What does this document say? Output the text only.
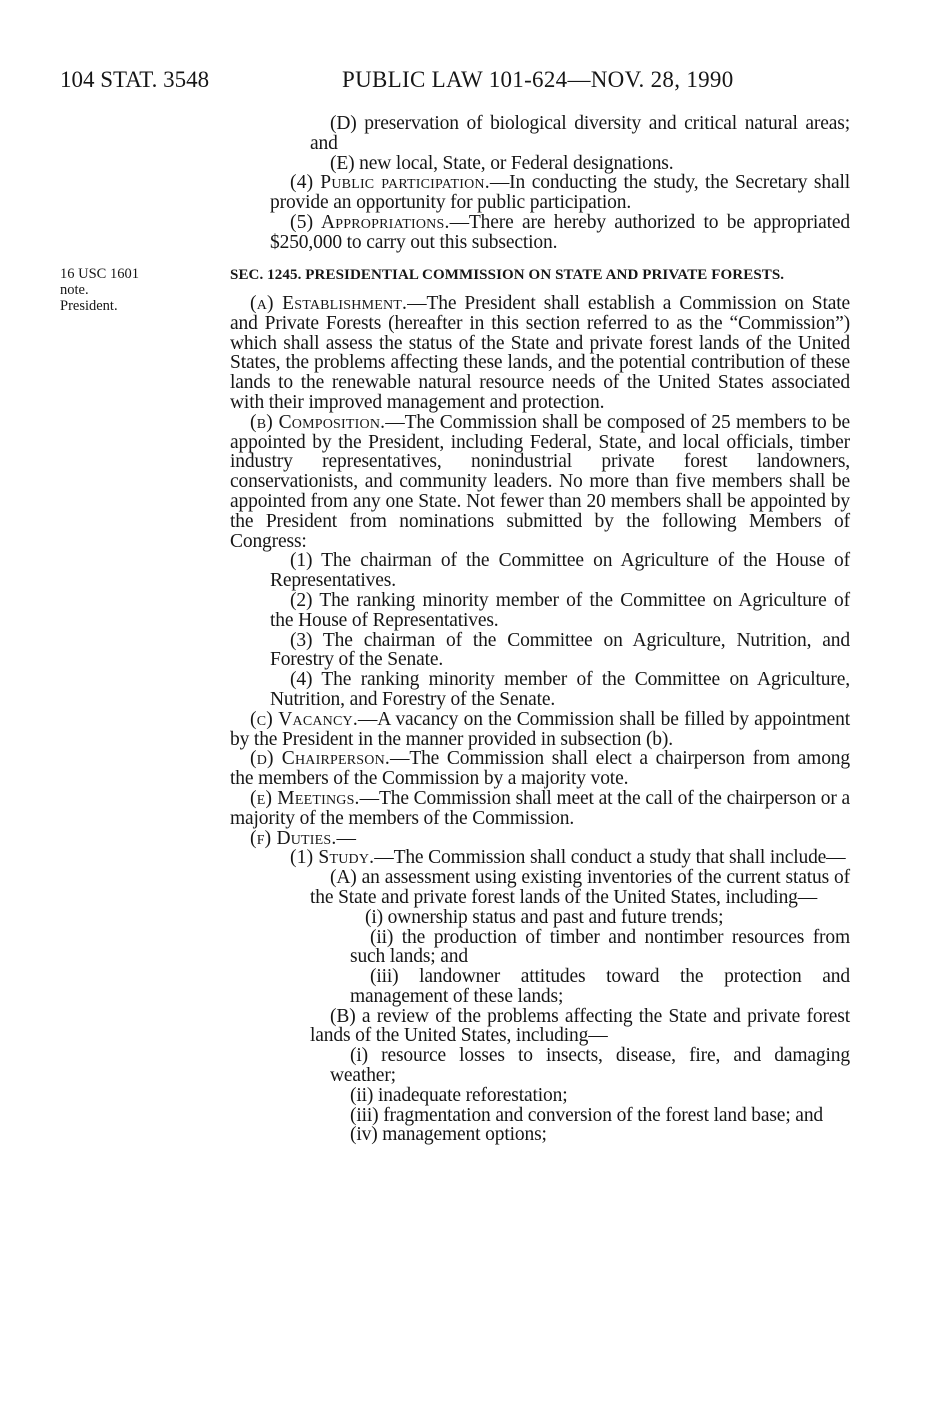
104 STAT. 3548	PUBLIC LAW 101-624—NOV. 28, 1990
16 USC 1601
note.
President.

(D) preservation of biological diversity and critical natural areas; and

(E) new local, State, or Federal designations.

(4) Public participation.—In conducting the study, the Secretary shall provide an opportunity for public participation.

(5) Appropriations.—There are hereby authorized to be appropriated $250,000 to carry out this subsection.

SEC. 1245. PRESIDENTIAL COMMISSION ON STATE AND PRIVATE FORESTS.

(a) Establishment.—The President shall establish a Commission on State and Private Forests (hereafter in this section referred to as the “Commission”) which shall assess the status of the State and private forest lands of the United States, the problems affecting these lands, and the potential contribution of these lands to the renewable natural resource needs of the United States associated with their improved management and protection.

(b) Composition.—The Commission shall be composed of 25 members to be appointed by the President, including Federal, State, and local officials, timber industry representatives, nonindustrial private forest landowners, conservationists, and community leaders. No more than five members shall be appointed from any one State. Not fewer than 20 members shall be appointed by the President from nominations submitted by the following Members of Congress:

(1) The chairman of the Committee on Agriculture of the House of Representatives.

(2) The ranking minority member of the Committee on Agriculture of the House of Representatives.

(3) The chairman of the Committee on Agriculture, Nutrition, and Forestry of the Senate.

(4) The ranking minority member of the Committee on Agriculture, Nutrition, and Forestry of the Senate.

(c) Vacancy.—A vacancy on the Commission shall be filled by appointment by the President in the manner provided in subsection (b).

(d) Chairperson.—The Commission shall elect a chairperson from among the members of the Commission by a majority vote.

(e) Meetings.—The Commission shall meet at the call of the chairperson or a majority of the members of the Commission.

(f) Duties.—

(1) Study.—The Commission shall conduct a study that shall include—

(A) an assessment using existing inventories of the current status of the State and private forest lands of the United States, including—

(i) ownership status and past and future trends;

(ii) the production of timber and nontimber resources from such lands; and

(iii) landowner attitudes toward the protection and management of these lands;

(B) a review of the problems affecting the State and private forest lands of the United States, including—

(i) resource losses to insects, disease, fire, and damaging weather;

(ii) inadequate reforestation;

(iii) fragmentation and conversion of the forest land base; and

(iv) management options;
